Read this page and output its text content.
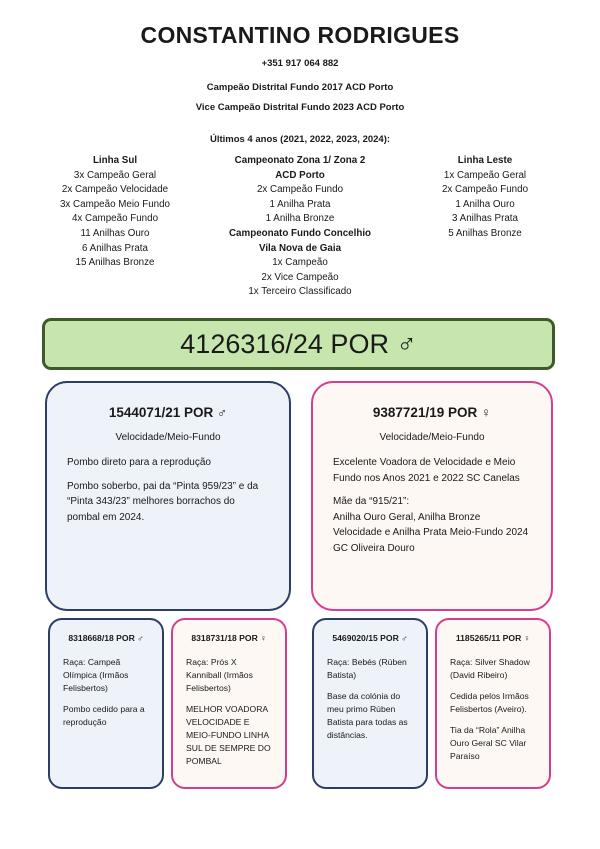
CONSTANTINO RODRIGUES
+351 917 064 882
Campeão Distrital Fundo 2017 ACD Porto
Vice Campeão Distrital Fundo 2023 ACD Porto
Últimos 4 anos (2021, 2022, 2023, 2024):
Linha Sul
3x Campeão Geral
2x Campeão Velocidade
3x Campeão Meio Fundo
4x Campeão Fundo
11 Anilhas Ouro
6 Anilhas Prata
15 Anilhas Bronze
Campeonato Zona 1/ Zona 2
ACD Porto
2x Campeão Fundo
1 Anilha Prata
1 Anilha Bronze
Campeonato Fundo Concelhio
Vila Nova de Gaia
1x Campeão
2x Vice Campeão
1x Terceiro Classificado
Linha Leste
1x Campeão Geral
2x Campeão Fundo
1 Anilha Ouro
3 Anilhas Prata
5 Anilhas Bronze
4126316/24 POR ♂
1544071/21 POR ♂
Velocidade/Meio-Fundo

Pombo direto para a reprodução

Pombo soberbo, pai da “Pinta 959/23” e da “Pinta 343/23” melhores borrachos do pombal em 2024.

9387721/19 POR ♀
Velocidade/Meio-Fundo

Excelente Voadora de Velocidade e Meio Fundo nos Anos 2021 e 2022 SC Canelas

Mãe da “915/21”:
Anilha Ouro Geral, Anilha Bronze Velocidade e Anilha Prata Meio-Fundo 2024 GC Oliveira Douro

8318668/18 POR ♂

Raça: Campeã Olímpica (Irmãos Felisbertos)

Pombo cedido para a reprodução

8318731/18 POR ♀

Raça: Prós X Kanniball (Irmãos Felisbertos)

MELHOR VOADORA VELOCIDADE E MEIO-FUNDO LINHA SUL DE SEMPRE DO POMBAL

5469020/15 POR ♂

Raça: Bebés (Rúben Batista)

Base da colónia do meu primo Rúben Batista para todas as distâncias.

1185265/11 POR ♀

Raça: Silver Shadow (David Ribeiro)

Cedida pelos Irmãos Felisbertos (Aveiro).

Tia da “Rola” Anilha Ouro Geral SC Vilar Paraíso
